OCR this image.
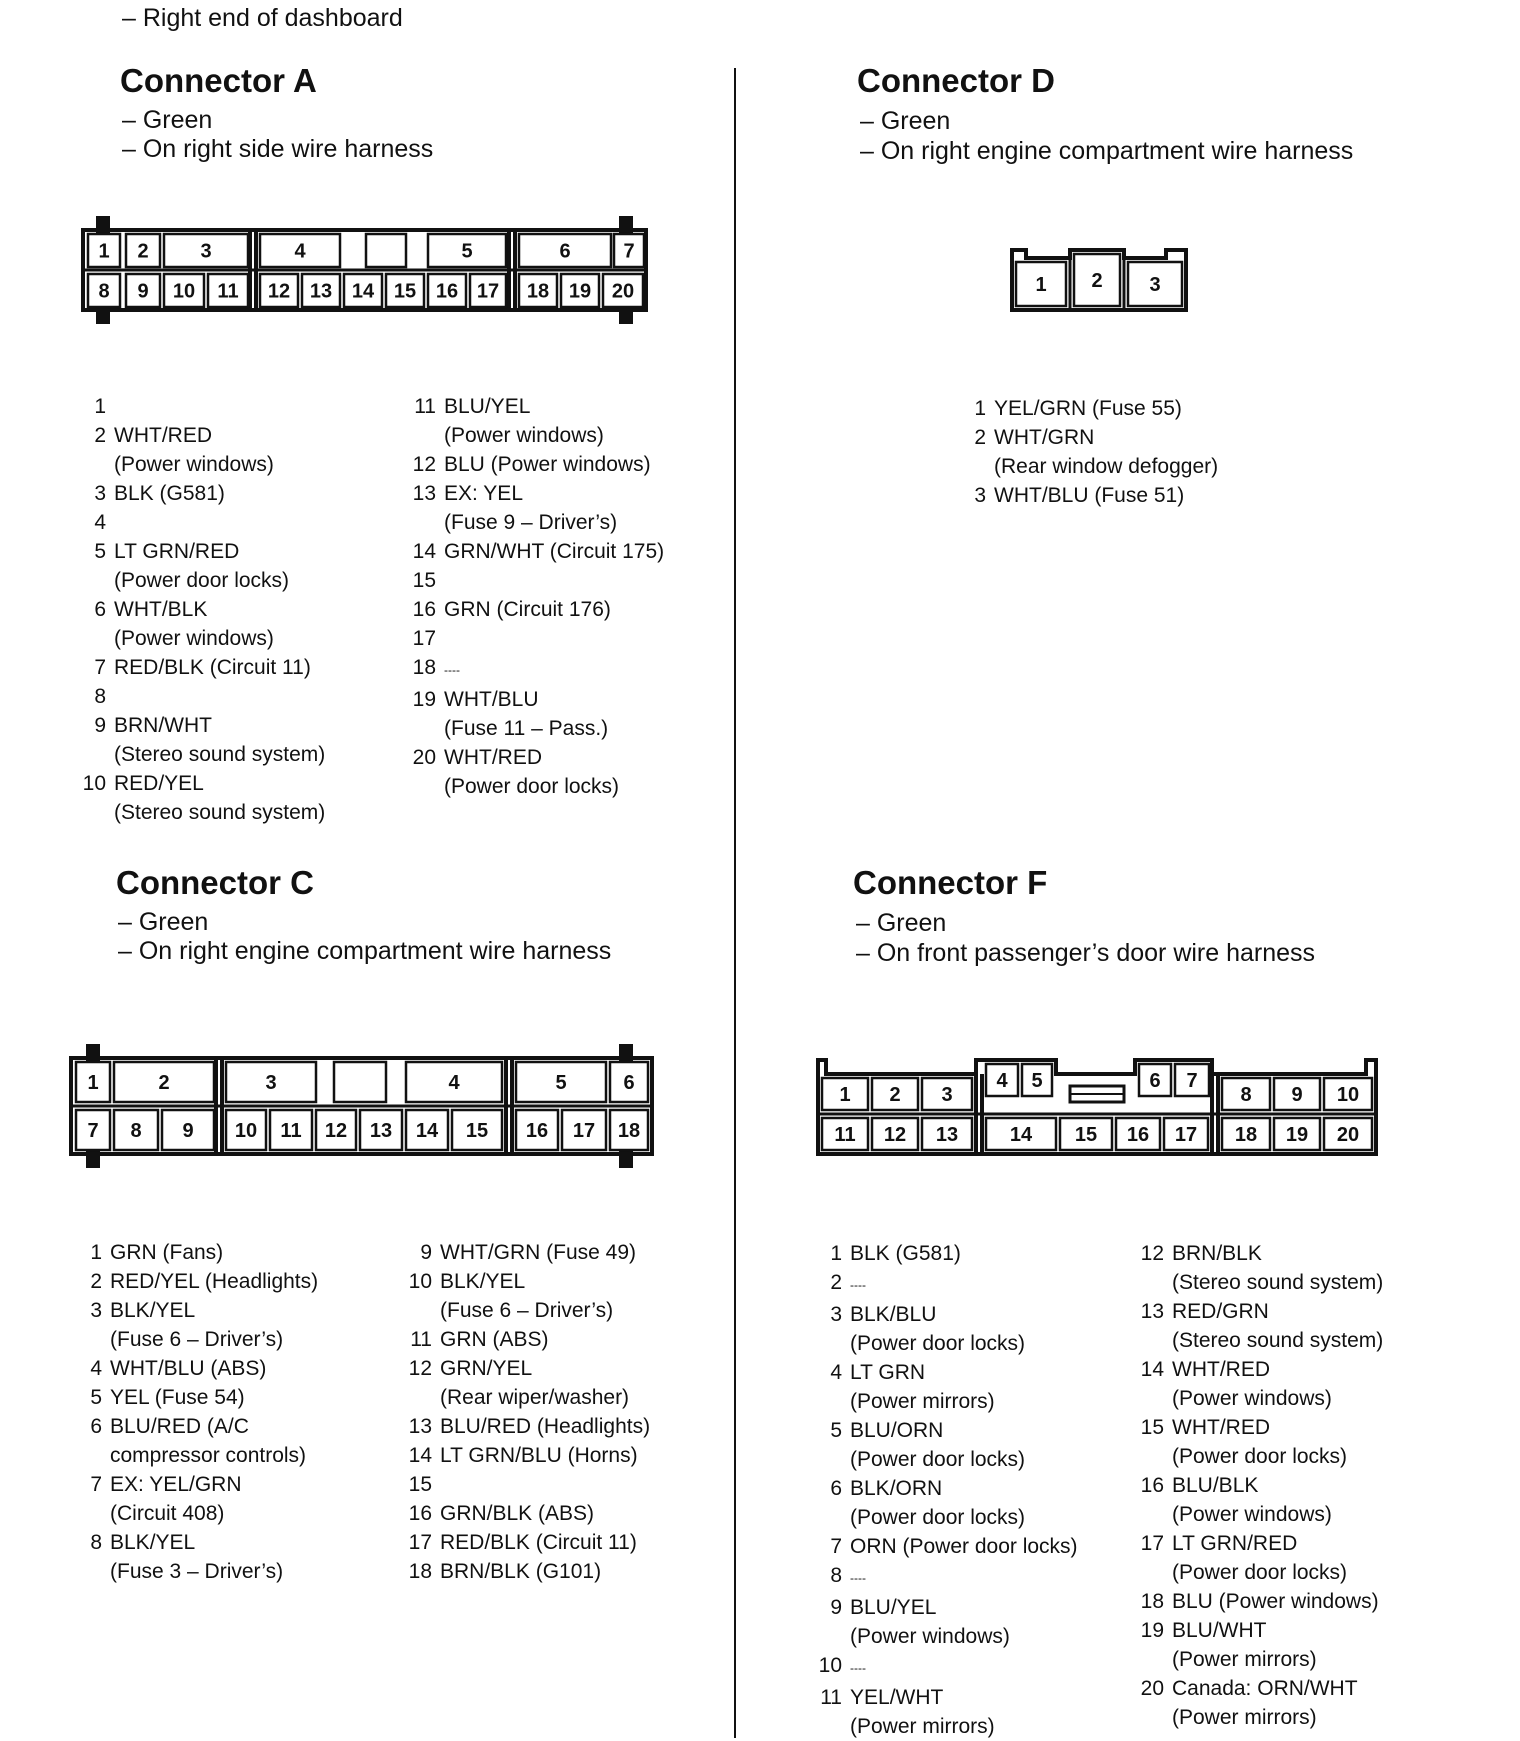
– Right end of dashboard
Connector A
– Green
– On right side wire harness
1 2	3	4	5	6	7
8 9 10 11 12 13 14 15 16 17 18 19 20
1

2 WHT/RED
(Power windows)
3 BLK (G581)
4

5 LT GRN/RED
(Power door locks)
6 WHT/BLK
(Power windows)
7 RED/BLK (Circuit 11)
8

9 BRN/WHT
(Stereo sound system)
10 RED/YEL
(Stereo sound system)
11 BLU/YEL
(Power windows)
12 BLU (Power windows)
13 EX: YEL
(Fuse 9 – Driver’s)
14 GRN/WHT (Circuit 175)
15

16 GRN (Circuit 176)
17

18 ----
19 WHT/BLU
(Fuse 11 – Pass.)
20 WHT/RED
(Power door locks)
Connector D
– Green
– On right engine compartment wire harness
1 2 3
1 YEL/GRN (Fuse 55)
2 WHT/GRN
(Rear window defogger)
3 WHT/BLU (Fuse 51)
Connector C
– Green
– On right engine compartment wire harness
1	2	3	4	5	6
7 8 9 10 11 12 13 14 15 16 17 18
1 GRN (Fans)
2 RED/YEL (Headlights)
3 BLK/YEL
(Fuse 6 – Driver’s)
4 WHT/BLU (ABS)
5 YEL (Fuse 54)
6 BLU/RED (A/C
compressor controls)
7 EX: YEL/GRN
(Circuit 408)
8 BLK/YEL
(Fuse 3 – Driver’s)
9 WHT/GRN (Fuse 49)
10 BLK/YEL
(Fuse 6 – Driver’s)
11 GRN (ABS)
12 GRN/YEL
(Rear wiper/washer)
13 BLU/RED (Headlights)
14 LT GRN/BLU (Horns)
15

16 GRN/BLK (ABS)
17 RED/BLK (Circuit 11)
18 BRN/BLK (G101)
Connector F
– Green
– On front passenger’s door wire harness
1 2 3
4 5	6 7
8 9 10
11 12 13	14 15 16 17 18 19 20
1 BLK (G581)
2 ----
3 BLK/BLU
(Power door locks)
4 LT GRN
(Power mirrors)
5 BLU/ORN
(Power door locks)
6 BLK/ORN
(Power door locks)
7 ORN (Power door locks)
8 ----
9 BLU/YEL
(Power windows)
10 ----
11 YEL/WHT
(Power mirrors)
12 BRN/BLK
(Stereo sound system)
13 RED/GRN
(Stereo sound system)
14 WHT/RED
(Power windows)
15 WHT/RED
(Power door locks)
16 BLU/BLK
(Power windows)
17 LT GRN/RED
(Power door locks)
18 BLU (Power windows)
19 BLU/WHT
(Power mirrors)
20 Canada: ORN/WHT
(Power mirrors)
